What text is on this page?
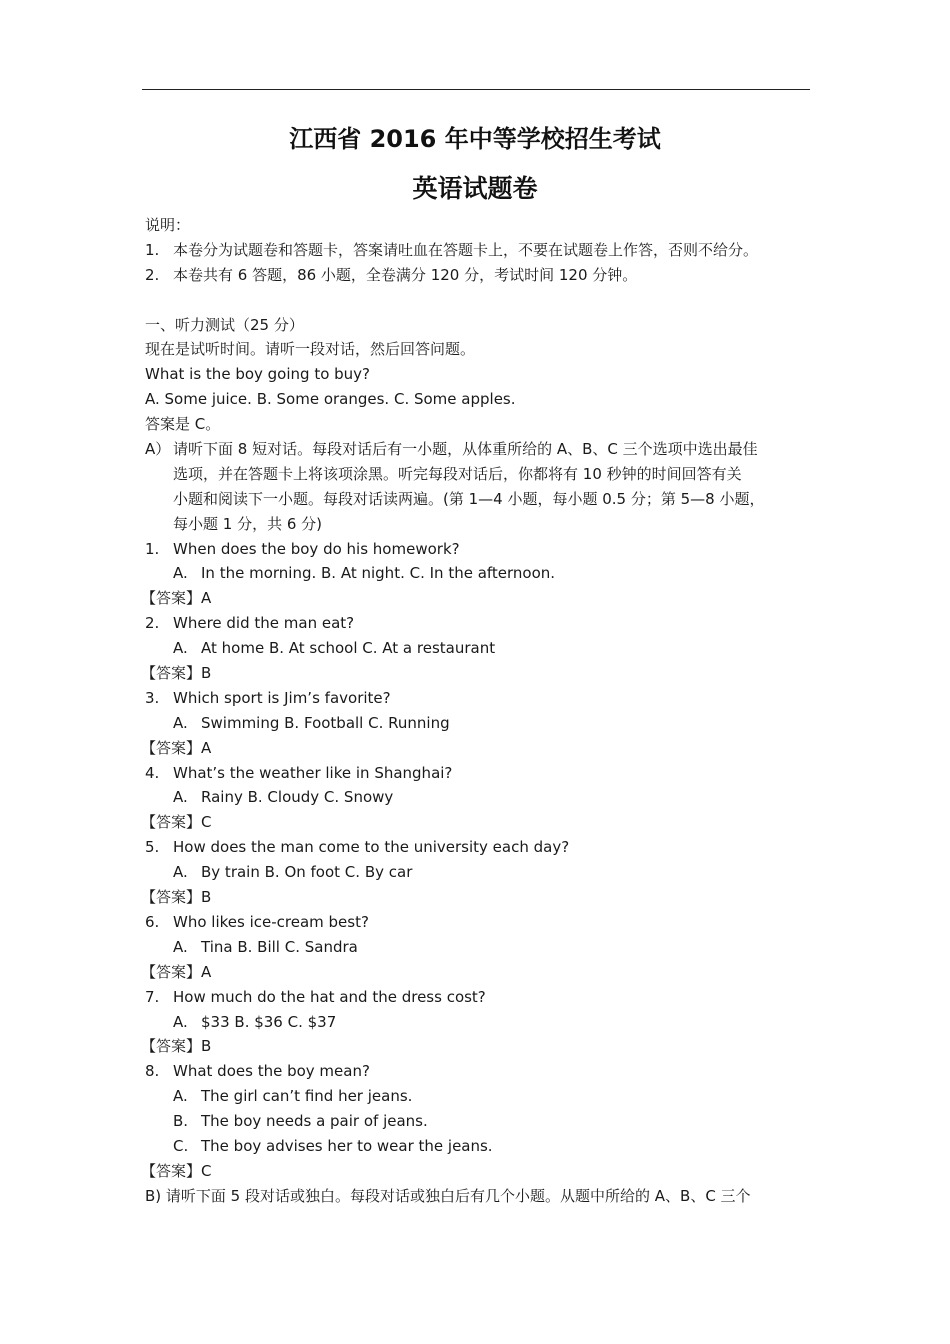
江西省 2016 年中等学校招生考试
英语试题卷
说明：
1. 本卷分为试题卷和答题卡，答案请吐血在答题卡上，不要在试题卷上作答，否则不给分。
2. 本卷共有 6 答题，86 小题，全卷满分 120 分，考试时间 120 分钟。
一、听力测试（25 分）
现在是试听时间。请听一段对话，然后回答问题。
What is the boy going to buy?
A. Some juice. B. Some oranges. C. Some apples.
答案是 C。
A） 请听下面 8 短对话。每段对话后有一小题，从体重所给的 A、B、C 三个选项中选出最佳
选项，并在答题卡上将该项涂黑。听完每段对话后，你都将有 10 秒钟的时间回答有关
小题和阅读下一小题。每段对话读两遍。(第 1—4 小题，每小题 0.5 分；第 5—8 小题，
每小题 1 分，共 6 分)
1. When does the boy do his homework?
A. In the morning. B. At night. C. In the afternoon.
【答案】A
2. Where did the man eat?
A. At home B. At school C. At a restaurant
【答案】B
3. Which sport is Jim’s favorite?
A. Swimming B. Football C. Running
【答案】A
4. What’s the weather like in Shanghai?
A. Rainy B. Cloudy C. Snowy
【答案】C
5. How does the man come to the university each day?
A. By train B. On foot C. By car
【答案】B
6. Who likes ice-cream best?
A. Tina B. Bill C. Sandra
【答案】A
7. How much do the hat and the dress cost?
A. $33 B. $36 C. $37
【答案】B
8. What does the boy mean?
A. The girl can’t find her jeans.
B. The boy needs a pair of jeans.
C. The boy advises her to wear the jeans.
【答案】C
B) 请听下面 5 段对话或独白。每段对话或独白后有几个小题。从题中所给的 A、B、C 三个
